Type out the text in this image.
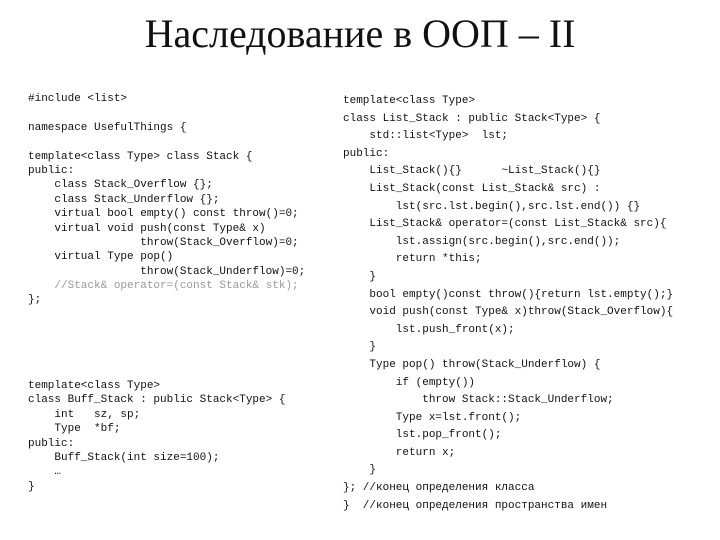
Наследование в ООП – II
#include <list>
namespace UsefulThings {
template<class Type> class Stack {
public:
class Stack_Overflow {};
class Stack_Underflow {};
virtual bool empty() const throw()=0;
virtual void push(const Type& x)
throw(Stack_Overflow)=0;
virtual Type pop()
throw(Stack_Underflow)=0;
//Stack& operator=(const Stack& stk);
};
template<class Type>
class Buff_Stack : public Stack<Type> {
int   sz, sp;
Type  *bf;
public:
Buff_Stack(int size=100);
…
}
template<class Type>
class List_Stack : public Stack<Type> {
std::list<Type>  lst;
public:
List_Stack(){}      ~List_Stack(){}
List_Stack(const List_Stack& src) :
lst(src.lst.begin(),src.lst.end()) {}
List_Stack& operator=(const List_Stack& src){
lst.assign(src.begin(),src.end());
return *this;
}
bool empty()const throw(){return lst.empty();}
void push(const Type& x)throw(Stack_Overflow){
lst.push_front(x);
}
Type pop() throw(Stack_Underflow) {
if (empty())
throw Stack::Stack_Underflow;
Type x=lst.front();
lst.pop_front();
return x;
}
}; //конец определения класса
}  //конец определения пространства имен
